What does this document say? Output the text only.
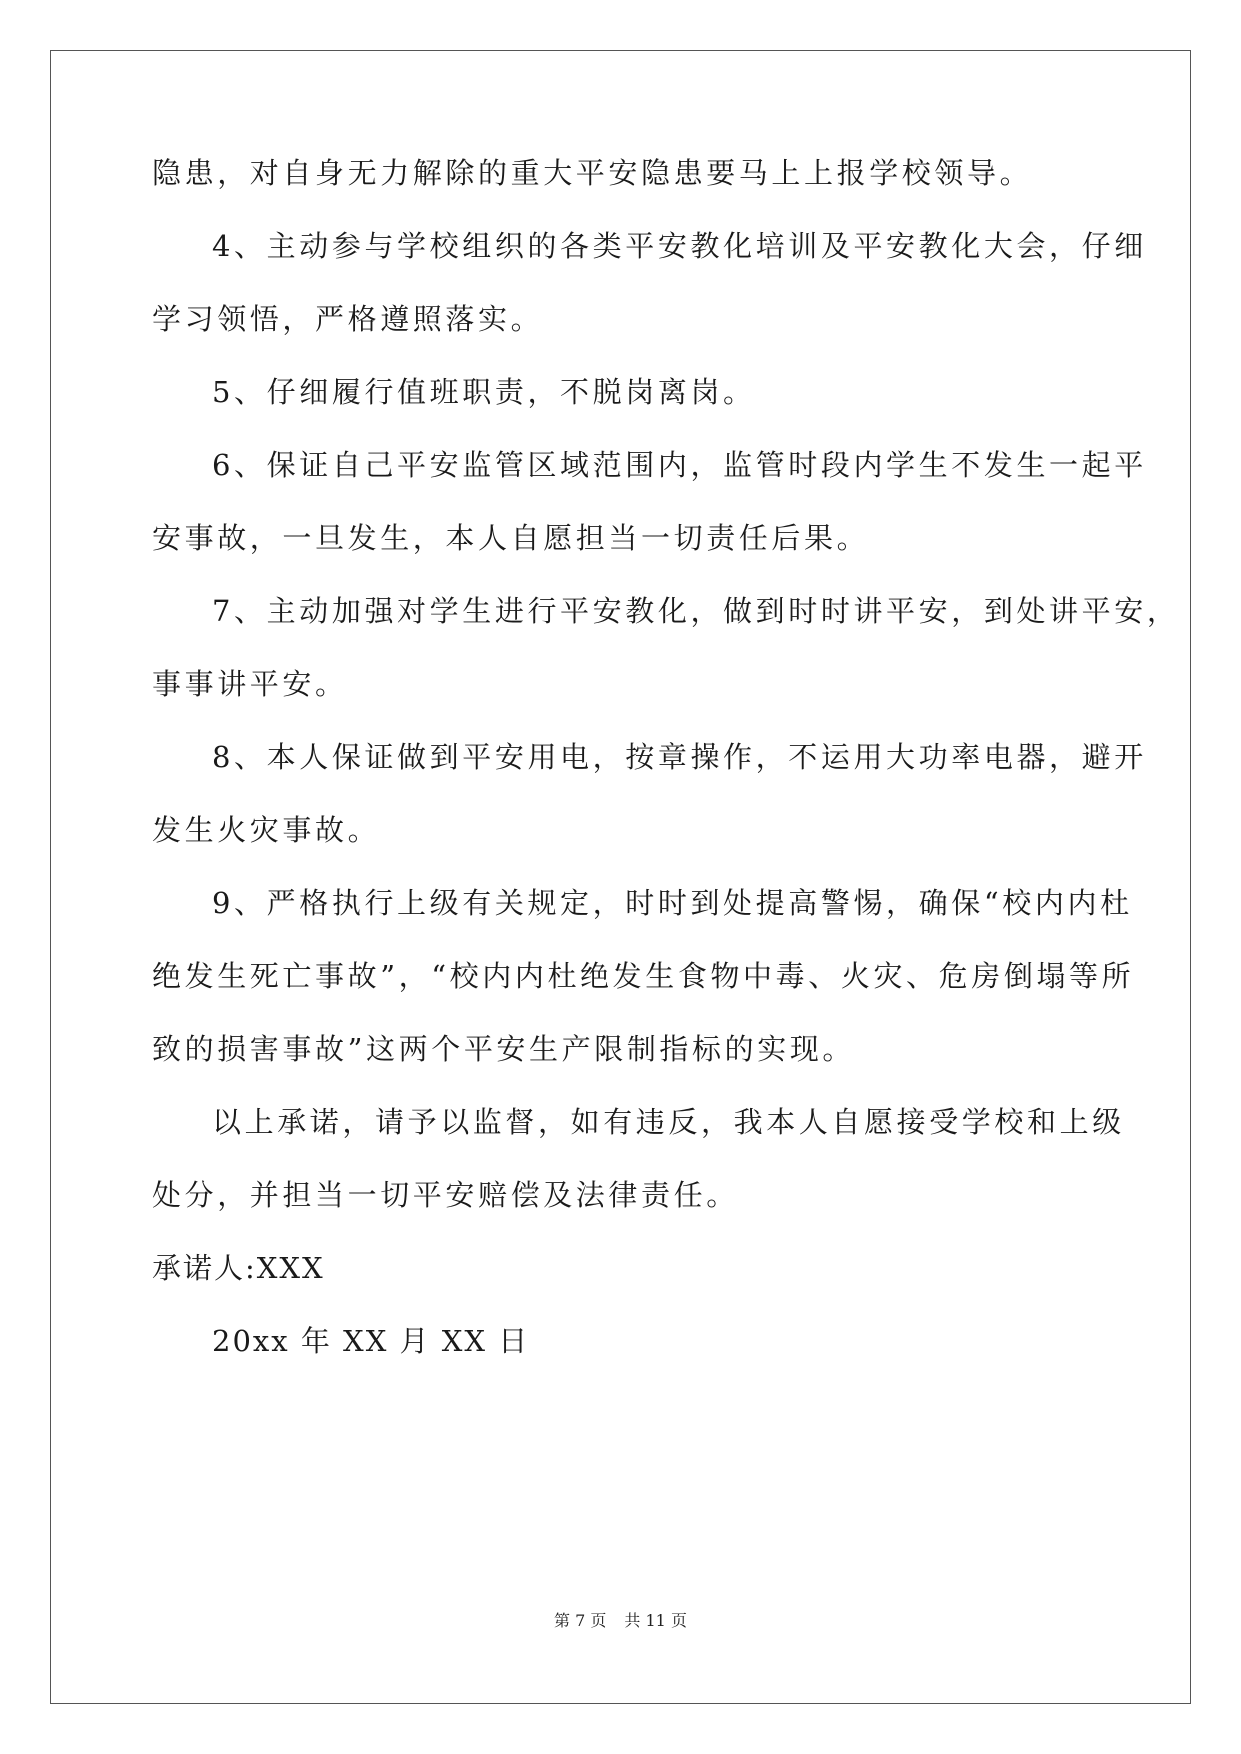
隐患，对自身无力解除的重大平安隐患要马上上报学校领导。
4、主动参与学校组织的各类平安教化培训及平安教化大会，仔细
学习领悟，严格遵照落实。
5、仔细履行值班职责，不脱岗离岗。
6、保证自己平安监管区域范围内，监管时段内学生不发生一起平
安事故，一旦发生，本人自愿担当一切责任后果。
7、主动加强对学生进行平安教化，做到时时讲平安，到处讲平安，
事事讲平安。
8、本人保证做到平安用电，按章操作，不运用大功率电器，避开
发生火灾事故。
9、严格执行上级有关规定，时时到处提高警惕，确保“校内内杜
绝发生死亡事故”，“校内内杜绝发生食物中毒、火灾、危房倒塌等所
致的损害事故”这两个平安生产限制指标的实现。
以上承诺，请予以监督，如有违反，我本人自愿接受学校和上级
处分，并担当一切平安赔偿及法律责任。
承诺人:XXX
20xx 年 XX 月 XX 日
第 7 页 共 11 页
